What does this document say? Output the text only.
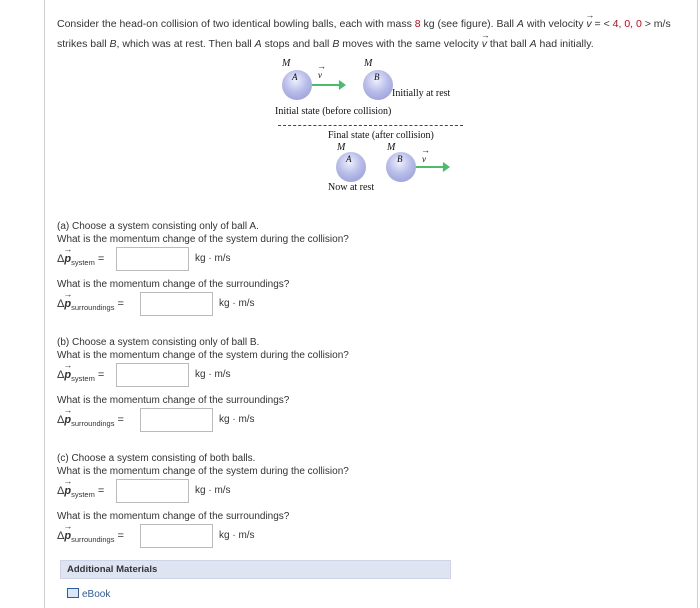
Consider the head-on collision of two identical bowling balls, each with mass 8 kg (see figure). Ball A with velocity → v = < 4, 0, 0 > m/s strikes ball B, which was at rest. Then ball A stops and ball B moves with the same velocity → v that ball A had initially.
M	M
A → v	B
Initially at rest
Initial state (before collision)
Final state (after collision)
M	M
A	B → v
Now at rest
(a) Choose a system consisting only of ball A.
What is the momentum change of the system during the collision?
$\Delta\to p_{system}$ =	kg · m/s
What is the momentum change of the surroundings?
$\Delta\to p_{surroundings}$ =	kg · m/s
(b) Choose a system consisting only of ball B.
What is the momentum change of the system during the collision?
$\Delta\to p_{system}$ =	kg · m/s
What is the momentum change of the surroundings?
$\Delta\to p_{surroundings}$ =	kg · m/s
(c) Choose a system consisting of both balls.
What is the momentum change of the system during the collision?
$\Delta\to p_{system}$ =	kg · m/s
What is the momentum change of the surroundings?
$\Delta\to p_{surroundings}$ =	kg · m/s
Additional Materials
eBook
